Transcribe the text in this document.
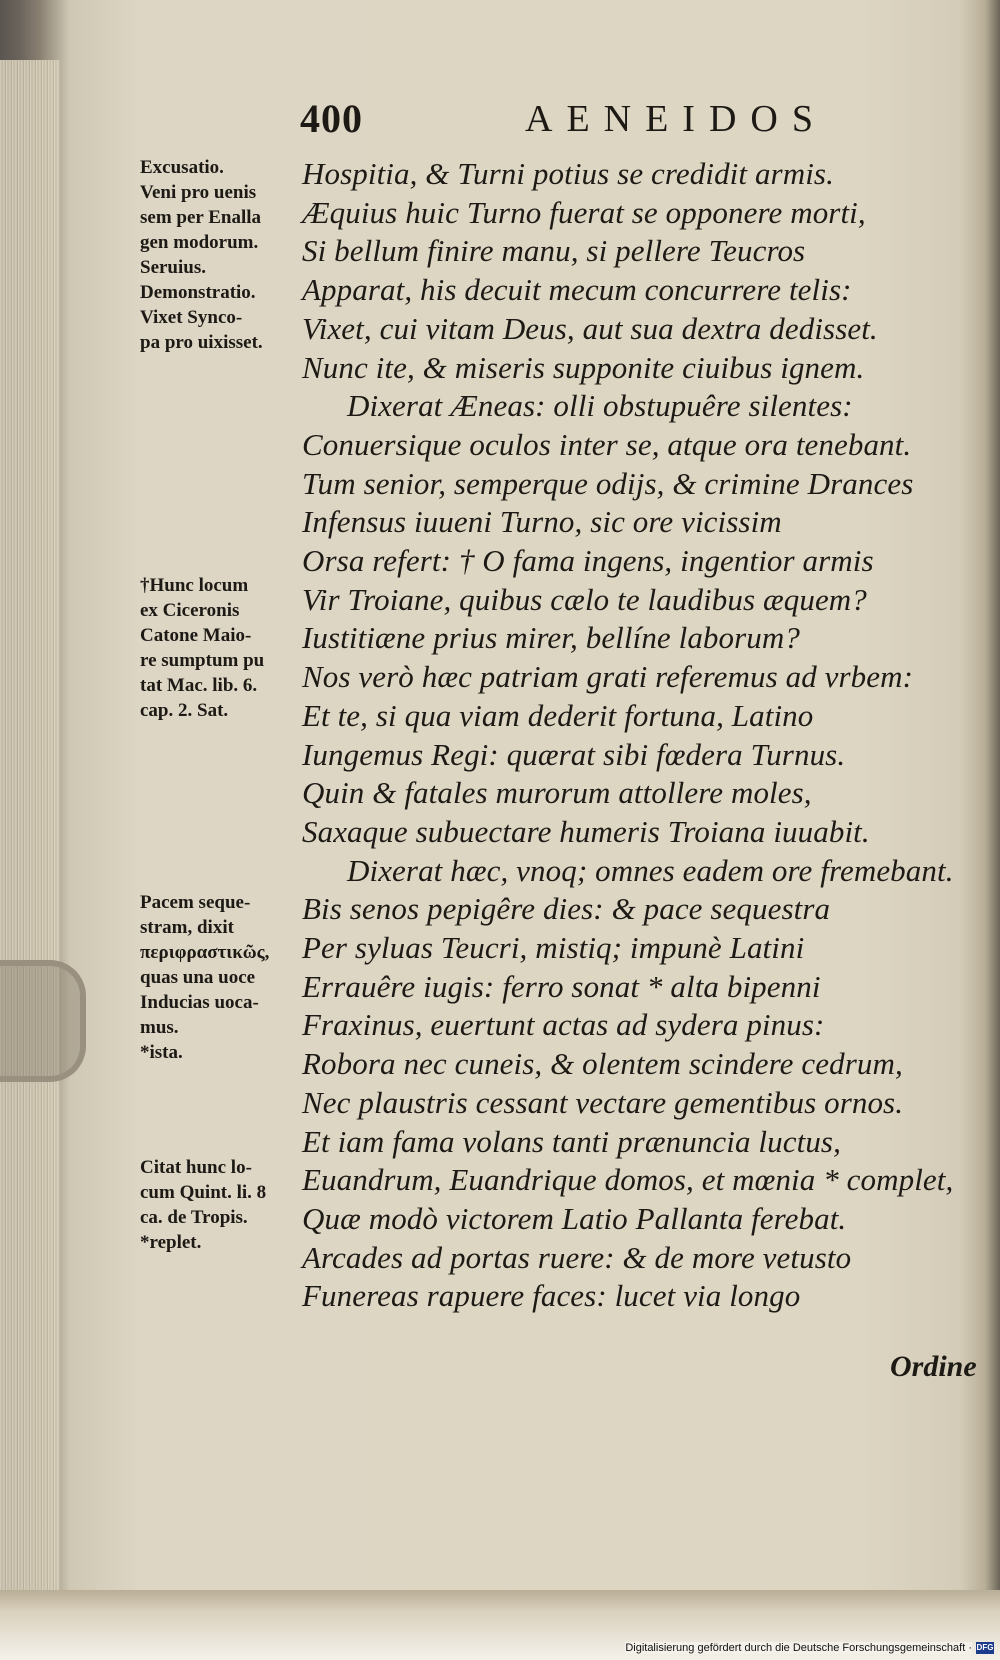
400	AENEIDOS
Excusatio.
Veni pro uenis
sem per Enalla
gen modorum.
Seruius.
Demonstratio.
Vixet Synco-
pa pro uixisset.
†Hunc locum
ex Ciceronis
Catone Maio-
re sumptum pu
tat Mac. lib. 6.
cap. 2. Sat.
Pacem seque-
stram, dixit
περιφραστικῶς,
quas una uoce
Inducias uoca-
mus.
*ista.
Citat hunc lo-
cum Quint. li. 8
ca. de Tropis.
*replet.
Hospitia, & Turni potius se credidit armis.
Æquius huic Turno fuerat se opponere morti,
Si bellum finire manu, si pellere Teucros
Apparat, his decuit mecum concurrere telis:
Vixet, cui vitam Deus, aut sua dextra dedisset.
Nunc ite, & miseris supponite ciuibus ignem.
Dixerat Æneas: olli obstupuêre silentes:
Conuersique oculos inter se, atque ora tenebant.
Tum senior, semperque odijs, & crimine Drances
Infensus iuueni Turno, sic ore vicissim
Orsa refert: † O fama ingens, ingentior armis
Vir Troiane, quibus cælo te laudibus æquem?
Iustitiæne prius mirer, bellíne laborum?
Nos verò hæc patriam grati referemus ad vrbem:
Et te, si qua viam dederit fortuna, Latino
Iungemus Regi: quærat sibi fœdera Turnus.
Quin & fatales murorum attollere moles,
Saxaque subuectare humeris Troiana iuuabit.
Dixerat hæc, vnoq; omnes eadem ore fremebant.
Bis senos pepigêre dies: & pace sequestra
Per syluas Teucri, mistiq; impunè Latini
Errauêre iugis: ferro sonat * alta bipenni
Fraxinus, euertunt actas ad sydera pinus:
Robora nec cuneis, & olentem scindere cedrum,
Nec plaustris cessant vectare gementibus ornos.
Et iam fama volans tanti prænuncia luctus,
Euandrum, Euandrique domos, et mœnia * complet,
Quæ modò victorem Latio Pallanta ferebat.
Arcades ad portas ruere: & de more vetusto
Funereas rapuere faces: lucet via longo
Ordine
Digitalisierung gefördert durch die Deutsche Forschungsgemeinschaft · DFG
